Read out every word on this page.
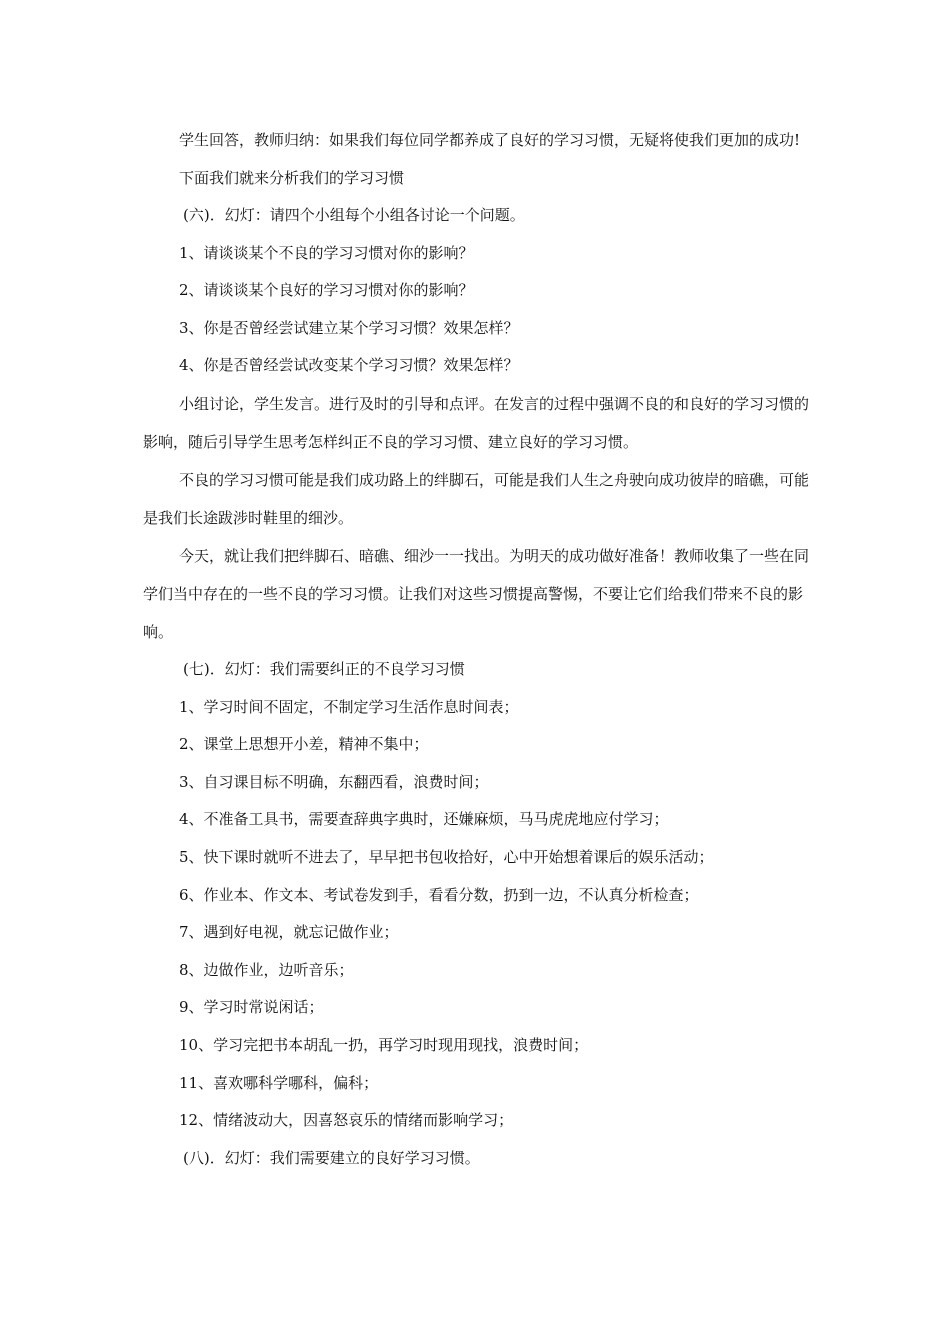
学生回答，教师归纳：如果我们每位同学都养成了良好的学习习惯，无疑将使我们更加的成功!

下面我们就来分析我们的学习习惯

(六)．幻灯：请四个小组每个小组各讨论一个问题。

1、请谈谈某个不良的学习习惯对你的影响？

2、请谈谈某个良好的学习习惯对你的影响？

3、你是否曾经尝试建立某个学习习惯？效果怎样？

4、你是否曾经尝试改变某个学习习惯？效果怎样？

小组讨论，学生发言。进行及时的引导和点评。在发言的过程中强调不良的和良好的学习习惯的影响，随后引导学生思考怎样纠正不良的学习习惯、建立良好的学习习惯。

不良的学习习惯可能是我们成功路上的绊脚石，可能是我们人生之舟驶向成功彼岸的暗礁，可能是我们长途跋涉时鞋里的细沙。

今天，就让我们把绊脚石、暗礁、细沙一一找出。为明天的成功做好准备！教师收集了一些在同学们当中存在的一些不良的学习习惯。让我们对这些习惯提高警惕，不要让它们给我们带来不良的影响。

(七)．幻灯：我们需要纠正的不良学习习惯

1、学习时间不固定，不制定学习生活作息时间表；

2、课堂上思想开小差，精神不集中；

3、自习课目标不明确，东翻西看，浪费时间；

4、不准备工具书，需要查辞典字典时，还嫌麻烦，马马虎虎地应付学习；

5、快下课时就听不进去了，早早把书包收拾好，心中开始想着课后的娱乐活动；

6、作业本、作文本、考试卷发到手，看看分数，扔到一边，不认真分析检查；

7、遇到好电视，就忘记做作业；

8、边做作业，边听音乐；

9、学习时常说闲话；

10、学习完把书本胡乱一扔，再学习时现用现找，浪费时间；

11、喜欢哪科学哪科，偏科；

12、情绪波动大，因喜怒哀乐的情绪而影响学习；

(八)．幻灯：我们需要建立的良好学习习惯。
